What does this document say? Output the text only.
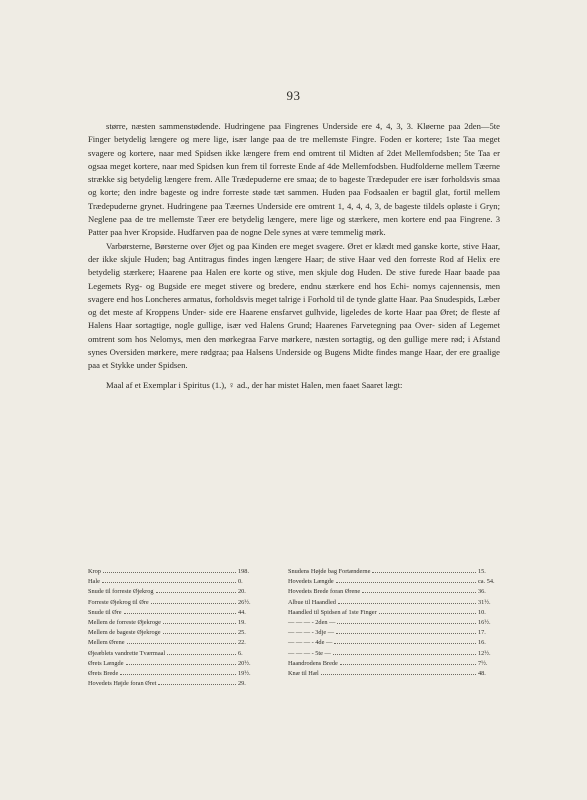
93

større, næsten sammenstødende. Hudringene paa Fingrenes Underside ere 4, 4, 3, 3. Kløerne paa 2den—5te Finger betydelig længere og mere lige, især lange paa de tre mellemste Fingre. Foden er kortere; 1ste Taa meget svagere og kortere, naar med Spidsen ikke længere frem end omtrent til Midten af 2det Mellemfodsben; 5te Taa er ogsaa meget kortere, naar med Spidsen kun frem til forreste Ende af 4de Mellemfodsben. Hudfolderne mellem Tæerne strække sig betydelig længere frem. Alle Trædepuderne ere smaa; de to bageste Trædepuder ere især forholdsvis smaa og korte; den indre bageste og indre forreste støde tæt sammen. Huden paa Fodsaalen er bagtil glat, fortil mellem Trædepuderne grynet. Hudringene paa Tæernes Underside ere omtrent 1, 4, 4, 4, 3, de bageste tildels opløste i Gryn; Neglene paa de tre mellemste Tæer ere betydelig længere, mere lige og stærkere, men kortere end paa Fingrene. 3 Patter paa hver Kropside. Hudfarven paa de nogne Dele synes at være temmelig mørk.

Varbørsterne, Børsterne over Øjet og paa Kinden ere meget svagere. Øret er klædt med ganske korte, stive Haar, der ikke skjule Huden; bag Antitragus findes ingen længere Haar; de stive Haar ved den forreste Rod af Helix ere betydelig stærkere; Haarene paa Halen ere korte og stive, men skjule dog Huden. De stive furede Haar baade paa Legemets Ryg- og Bugside ere meget stivere og bredere, endnu stærkere end hos Echi- nomys cajennensis, men svagere end hos Loncheres armatus, forholdsvis meget talrige i Forhold til de tynde glatte Haar. Paa Snudespids, Læber og det meste af Kroppens Under- side ere Haarene ensfarvet gulhvide, ligeledes de korte Haar paa Øret; de fleste af Halens Haar sortagtige, nogle gullige, især ved Halens Grund; Haarenes Farvetegning paa Over- siden af Legemet omtrent som hos Nelomys, men den mørkegraa Farve mørkere, næsten sortagtig, og den gullige mere rød; i Afstand synes Oversiden mørkere, mere rødgraa; paa Halsens Underside og Bugens Midte findes mange Haar, der ere graalige paa et Stykke under Spidsen.

Maal af et Exemplar i Spiritus (1.), ♀ ad., der har mistet Halen, men faaet Saaret lægt:

Krop	198.
Hale	0.
Snude til forreste Øjekrog	20.
Forreste Øjekrog til Øre	26½.
Snude til Øre	44.
Mellem de forreste Øjekroge	19.
Mellem de bageste Øjekroge	25.
Mellem Ørene	22.
Øjeæblets vandrette Tværmaal	6.
Ørets Længde	20½.
Ørets Brede	19½.
Hovedets Højde foran Øret	29.
Snudens Højde bag Fortænderne	15.
Hovedets Længde	ca. 54.
Hovedets Brede foran Ørene	36.
Albue til Haandled	31½.
Haandled til Spidsen af 1ste Finger	10.
— — — - 2den —	16½.
— — — - 3dje —	17.
— — — - 4de —	16.
— — — - 5te —	12½.
Haandrodens Brede	7½.
Knæ til Hæl	48.
